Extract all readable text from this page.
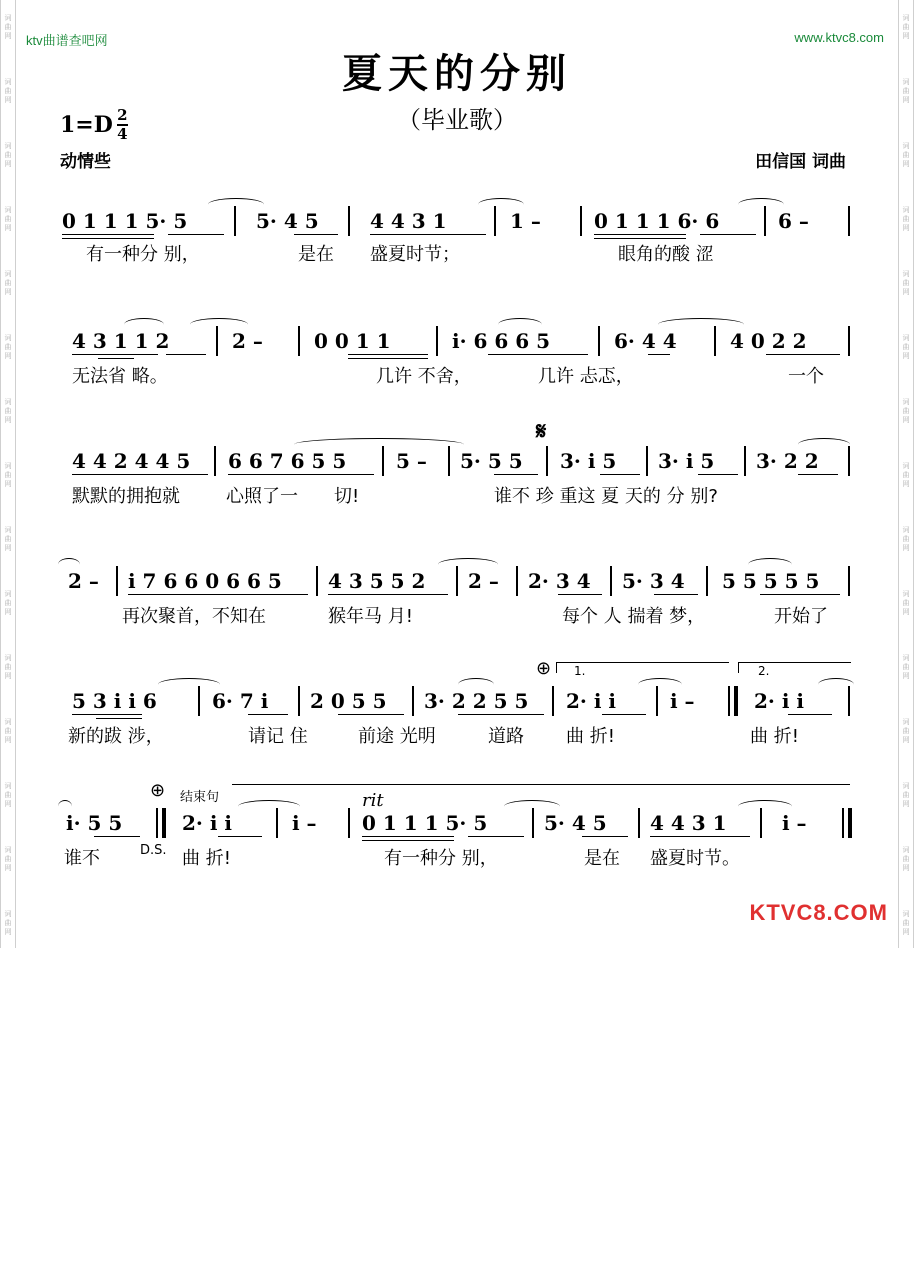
词
曲
网
词
曲
网
词
曲
网
词
曲
网
词
曲
网
词
曲
网
词
曲
网
词
曲
网
词
曲
网
词
曲
网
词
曲
网
词
曲
网
词
曲
网
词
曲
网
词
曲
网
词
曲
网
词
曲
网
词
曲
网
词
曲
网
词
曲
网
词
曲
网
词
曲
网
词
曲
网
词
曲
网
词
曲
网
词
曲
网
词
曲
网
词
曲
网
词
曲
网
词
曲
网
ktv曲谱查吧网	www.ktvc8.com
夏天的分别
（毕业歌）
$1=D \frac{2}{4}$
动情些	田信国 词曲

0 1 1 1 5· 5

	5· 4 5

	4 4 3 1

	1 –

	0 1 1 1 6· 6

	6 –

有一种分 别，	是在 盛夏时节；	眼角的酸 涩

4 3 1 1 2

	2 –

	0 0 1 1

	i· 6 6 6 5

	6· 4 4

	4 0 2 2

无法省 略。	几许 不舍，	几许 忐忑，	一个
𝄋

4 4 2 4 4 5

6 6 7 6 5 5

5 –

5· 5 5

3· i 5

3· i 5

3· 2 2

默默的拥抱就	心照了一 切!	谁不 珍 重这 夏 天的 分 别?

2 –

i 7 6 6 0 6 6 5

4 3 5 5 2

2 –

2· 3 4

5· 3 4

5 5 5 5 5

再次聚首，不知在	猴年马 月!	每个 人 揣着 梦，	开始了
⊕ 1.	2.

5 3 i i 6

	6· 7 i

2 0 5 5

3· 2 2 5 5

2· i i

	i –

	2· i i

新的跋 涉，	请记 住	前途 光明	道路 曲 折!	曲 折!
⊕ 结束句	rit

i· 5 5

	2· i i

	i –

0 1 1 1 5· 5

	5· 4 5

4 4 3 1

	i –

谁不	D.S. 曲 折!	有一种分 别，	是在 盛夏时节。
KTVC8.COM
